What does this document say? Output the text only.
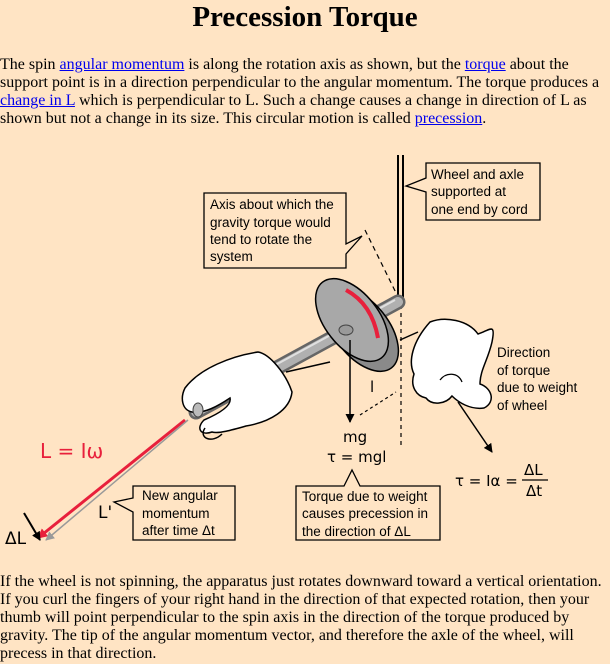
Precession Torque

The spin angular momentum is along the rotation axis as shown, but the torque about the support point is in a direction perpendicular to the angular momentum. The torque produces a change in L which is perpendicular to L. Such a change causes a change in direction of L as shown but not a change in its size. This circular motion is called precession.

L = Iω
L'
ΔL
l
mg
τ = mgl
τ = Iα =
ΔL
Δt
Axis about which the
gravity torque would
tend to rotate the
system
Wheel and axle
supported at
one end by cord
Direction
of torque
due to weight
of wheel
New angular
momentum
after time Δt
Torque due to weight
causes precession in
the direction of ΔL

If the wheel is not spinning, the apparatus just rotates downward toward a vertical orientation. If you curl the fingers of your right hand in the direction of that expected rotation, then your thumb will point perpendicular to the spin axis in the direction of the torque produced by gravity. The tip of the angular momentum vector, and therefore the axle of the wheel, will precess in that direction.
